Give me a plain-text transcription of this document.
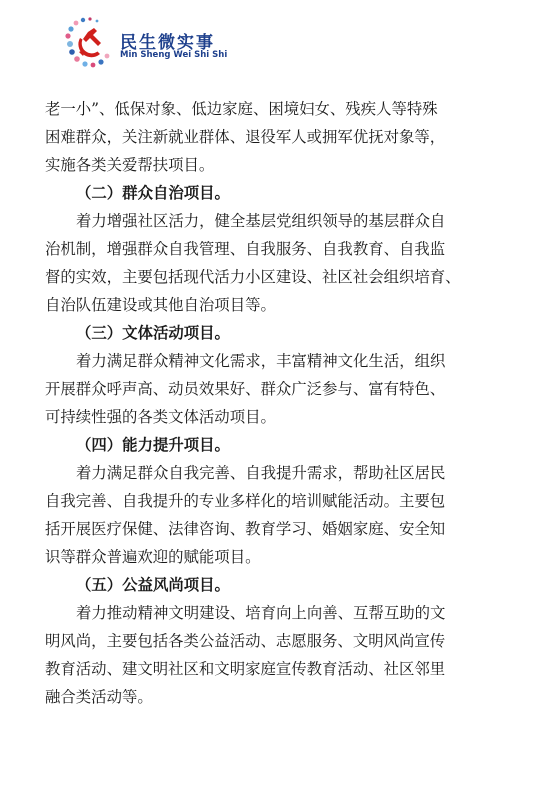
民生微实事
Min Sheng Wei Shi Shi
老一小”、低保对象、低边家庭、困境妇女、残疾人等特殊
困难群众，关注新就业群体、退役军人或拥军优抚对象等，
实施各类关爱帮扶项目。
（二）群众自治项目。
着力增强社区活力，健全基层党组织领导的基层群众自
治机制，增强群众自我管理、自我服务、自我教育、自我监
督的实效，主要包括现代活力小区建设、社区社会组织培育、
自治队伍建设或其他自治项目等。
（三）文体活动项目。
着力满足群众精神文化需求，丰富精神文化生活，组织
开展群众呼声高、动员效果好、群众广泛参与、富有特色、
可持续性强的各类文体活动项目。
（四）能力提升项目。
着力满足群众自我完善、自我提升需求，帮助社区居民
自我完善、自我提升的专业多样化的培训赋能活动。主要包
括开展医疗保健、法律咨询、教育学习、婚姻家庭、安全知
识等群众普遍欢迎的赋能项目。
（五）公益风尚项目。
着力推动精神文明建设、培育向上向善、互帮互助的文
明风尚，主要包括各类公益活动、志愿服务、文明风尚宣传
教育活动、建文明社区和文明家庭宣传教育活动、社区邻里
融合类活动等。
